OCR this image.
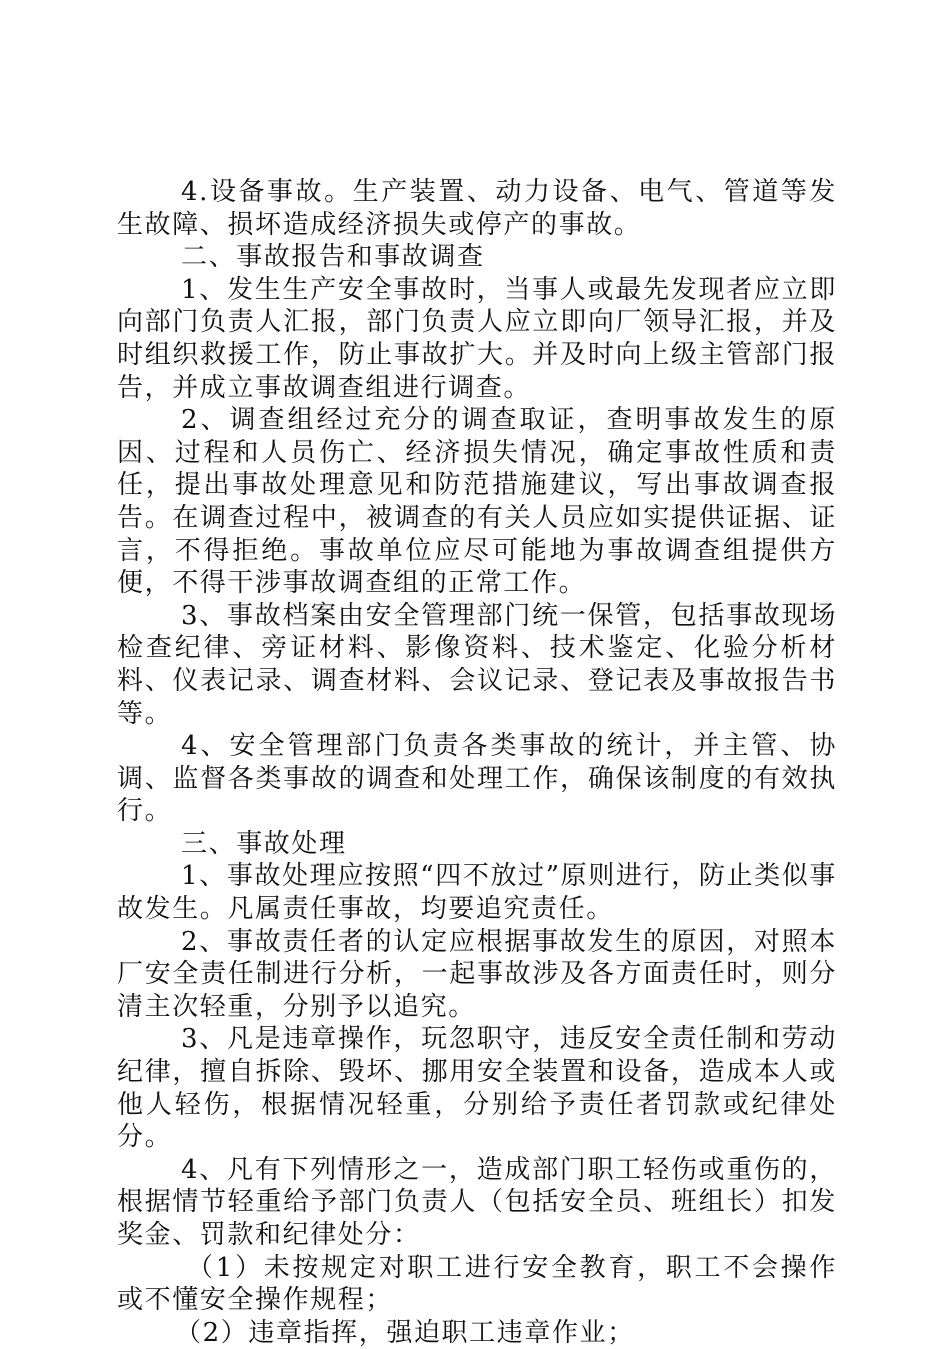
4.设备事故。生产装置、动力设备、电气、管道等发生故障、损坏造成经济损失或停产的事故。

二、事故报告和事故调查

1、发生生产安全事故时，当事人或最先发现者应立即向部门负责人汇报，部门负责人应立即向厂领导汇报，并及时组织救援工作，防止事故扩大。并及时向上级主管部门报告，并成立事故调查组进行调查。

2、调查组经过充分的调查取证，查明事故发生的原因、过程和人员伤亡、经济损失情况，确定事故性质和责任，提出事故处理意见和防范措施建议，写出事故调查报告。在调查过程中，被调查的有关人员应如实提供证据、证言，不得拒绝。事故单位应尽可能地为事故调查组提供方便，不得干涉事故调查组的正常工作。

3、事故档案由安全管理部门统一保管，包括事故现场检查纪律、旁证材料、影像资料、技术鉴定、化验分析材料、仪表记录、调查材料、会议记录、登记表及事故报告书等。

4、安全管理部门负责各类事故的统计，并主管、协调、监督各类事故的调查和处理工作，确保该制度的有效执行。

三、事故处理

1、事故处理应按照“四不放过”原则进行，防止类似事故发生。凡属责任事故，均要追究责任。

2、事故责任者的认定应根据事故发生的原因，对照本厂安全责任制进行分析，一起事故涉及各方面责任时，则分清主次轻重，分别予以追究。

3、凡是违章操作，玩忽职守，违反安全责任制和劳动纪律，擅自拆除、毁坏、挪用安全装置和设备，造成本人或他人轻伤，根据情况轻重，分别给予责任者罚款或纪律处分。

4、凡有下列情形之一，造成部门职工轻伤或重伤的，根据情节轻重给予部门负责人（包括安全员、班组长）扣发奖金、罚款和纪律处分：

（1）未按规定对职工进行安全教育，职工不会操作或不懂安全操作规程；

（2）违章指挥，强迫职工违章作业；
